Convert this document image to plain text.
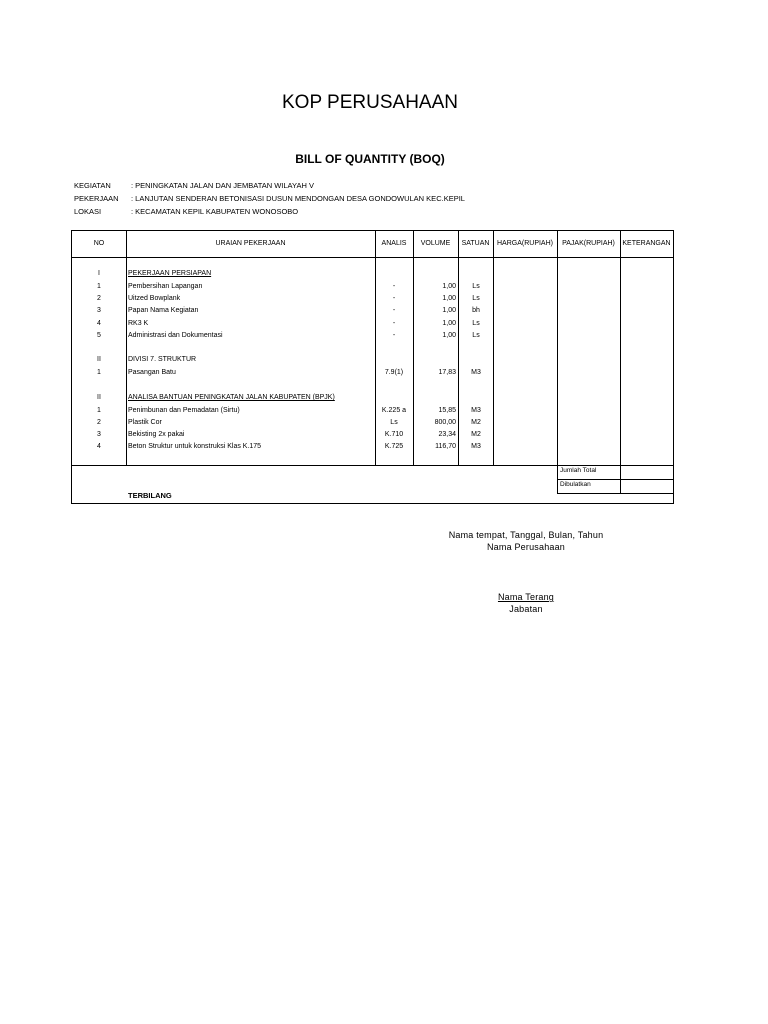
KOP PERUSAHAAN
BILL OF QUANTITY (BOQ)
KEGIATAN	: PENINGKATAN JALAN DAN JEMBATAN WILAYAH V
PEKERJAAN : LANJUTAN SENDERAN BETONISASI DUSUN MENDONGAN DESA GONDOWULAN KEC.KEPIL
LOKASI	: KECAMATAN KEPIL KABUPATEN WONOSOBO
NO	URAIAN PEKERJAAN	ANALIS	VOLUME	SATUAN	HARGA(RUPIAH)	PAJAK(RUPIAH)	KETERANGAN
I	PEKERJAAN PERSIAPAN
1	Pembersihan Lapangan	-	1,00	Ls
2	Uitzed Bowplank	-	1,00	Ls
3	Papan Nama Kegiatan	-	1,00	bh
4	RK3 K	-	1,00	Ls
5	Administrasi dan Dokumentasi	-	1,00	Ls
II	DIVISI 7. STRUKTUR
1	Pasangan Batu	7.9(1)	17,83	M3
II	ANALISA BANTUAN PENINGKATAN JALAN KABUPATEN (BPJK)
1	Penimbunan dan Pemadatan (Sirtu)	K.225 a	15,85	M3
2	Plastik Cor	Ls	800,00	M2
3	Bekisting 2x pakai	K.710	23,34	M2
4	Beton Struktur untuk konstruksi Klas K.175	K.725	116,70	M3
Jumlah Total
Dibulatkan
TERBILANG
Nama tempat, Tanggal, Bulan, Tahun
Nama Perusahaan
Nama Terang
Jabatan
